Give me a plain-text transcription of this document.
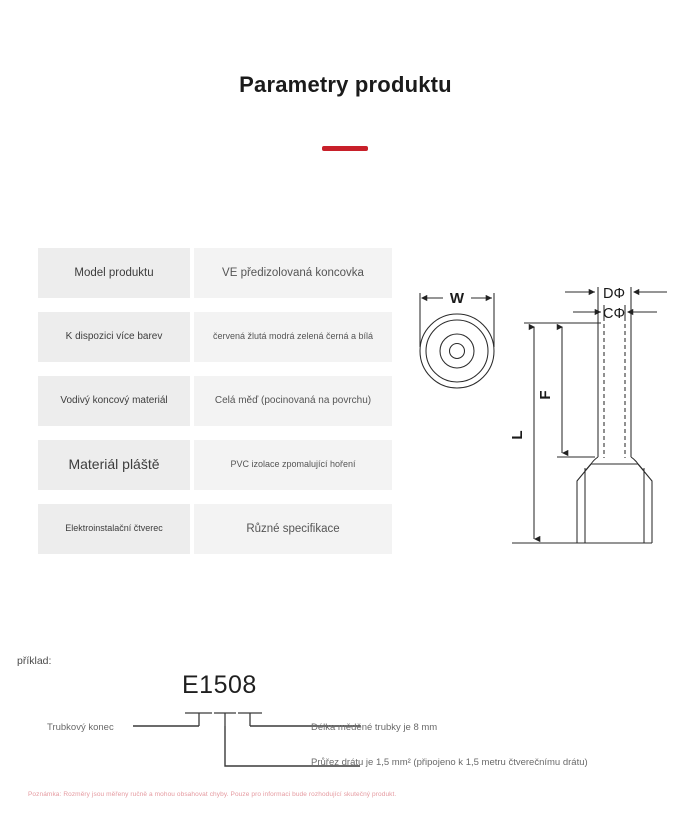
Parametry produktu
Model produktu	VE předizolovaná koncovka
K dispozici více barev	červená žlutá modrá zelená černá a bílá
Vodivý koncový materiál	Celá měď (pocinovaná na povrchu)
Materiál pláště	PVC izolace zpomalující hoření
Elektroinstalační čtverec	Různé specifikace
W	DΦ
CΦ
L
F
příklad:
E1508
Trubkový konec	Délka měděné trubky je 8 mm
Průřez drátu je 1,5 mm² (připojeno k 1,5 metru čtverečnímu drátu)
Poznámka: Rozměry jsou měřeny ručně a mohou obsahovat chyby. Pouze pro informaci bude rozhodující skutečný produkt.
